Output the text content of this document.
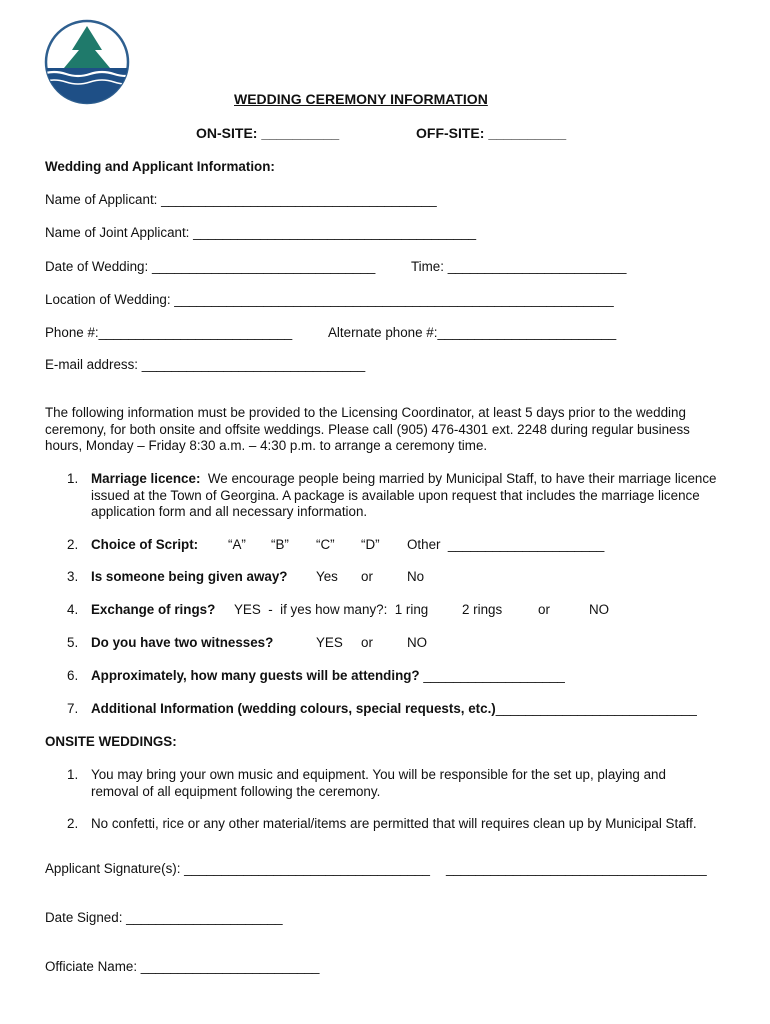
WEDDING CEREMONY INFORMATION
ON-SITE: __________	OFF-SITE: __________
Wedding and Applicant Information:
Name of Applicant: _____________________________________
Name of Joint Applicant: ______________________________________
Date of Wedding: ______________________________	Time: ________________________
Location of Wedding: ___________________________________________________________
Phone #:__________________________	Alternate phone #:________________________
E-mail address: ______________________________
The following information must be provided to the Licensing Coordinator, at least 5 days prior to the wedding ceremony, for both onsite and offsite weddings. Please call (905) 476-4301 ext. 2248 during regular business hours, Monday – Friday 8:30 a.m. – 4:30 p.m. to arrange a ceremony time.
1. Marriage licence: We encourage people being married by Municipal Staff, to have their marriage licence issued at the Town of Georgina. A package is available upon request that includes the marriage licence application form and all necessary information.
2. Choice of Script: “A” “B” “C” “D” Other  _____________________
3. Is someone being given away? Yes or	No
4. Exchange of rings? YES  -  if yes how many?:  1 ring	2 rings	or	NO
5. Do you have two witnesses?	YES or	NO
6. Approximately, how many guests will be attending? ___________________
7. Additional Information (wedding colours, special requests, etc.)___________________________
ONSITE WEDDINGS:
1. You may bring your own music and equipment. You will be responsible for the set up, playing and removal of all equipment following the ceremony.
2. No confetti, rice or any other material/items are permitted that will requires clean up by Municipal Staff.
Applicant Signature(s): _________________________________ ___________________________________
Date Signed: _____________________
Officiate Name: ________________________
